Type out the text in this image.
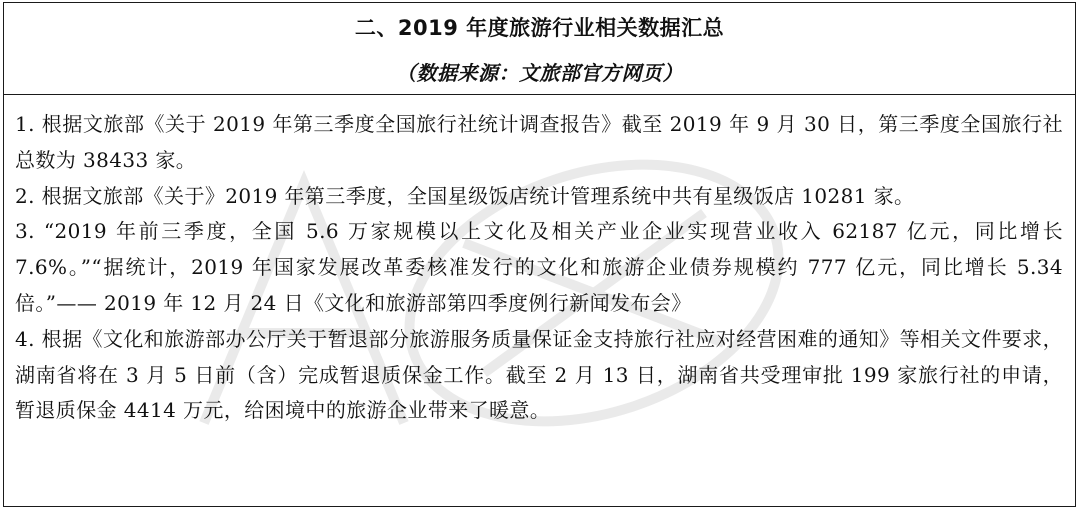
二、2019 年度旅游行业相关数据汇总
（数据来源：文旅部官方网页）

1. 根据文旅部《关于 2019 年第三季度全国旅行社统计调查报告》截至 2019 年 9 月 30 日，第三季度全国旅行社总数为 38433 家。

2. 根据文旅部《关于》2019 年第三季度，全国星级饭店统计管理系统中共有星级饭店 10281 家。

3. “2019 年前三季度，全国 5.6 万家规模以上文化及相关产业企业实现营业收入 62187 亿元，同比增长 7.6%。”“据统计，2019 年国家发展改革委核准发行的文化和旅游企业债券规模约 777 亿元，同比增长 5.34 倍。”—— 2019 年 12 月 24 日《文化和旅游部第四季度例行新闻发布会》

4. 根据《文化和旅游部办公厅关于暂退部分旅游服务质量保证金支持旅行社应对经营困难的通知》等相关文件要求，湖南省将在 3 月 5 日前（含）完成暂退质保金工作。截至 2 月 13 日，湖南省共受理审批 199 家旅行社的申请，暂退质保金 4414 万元，给困境中的旅游企业带来了暖意。
